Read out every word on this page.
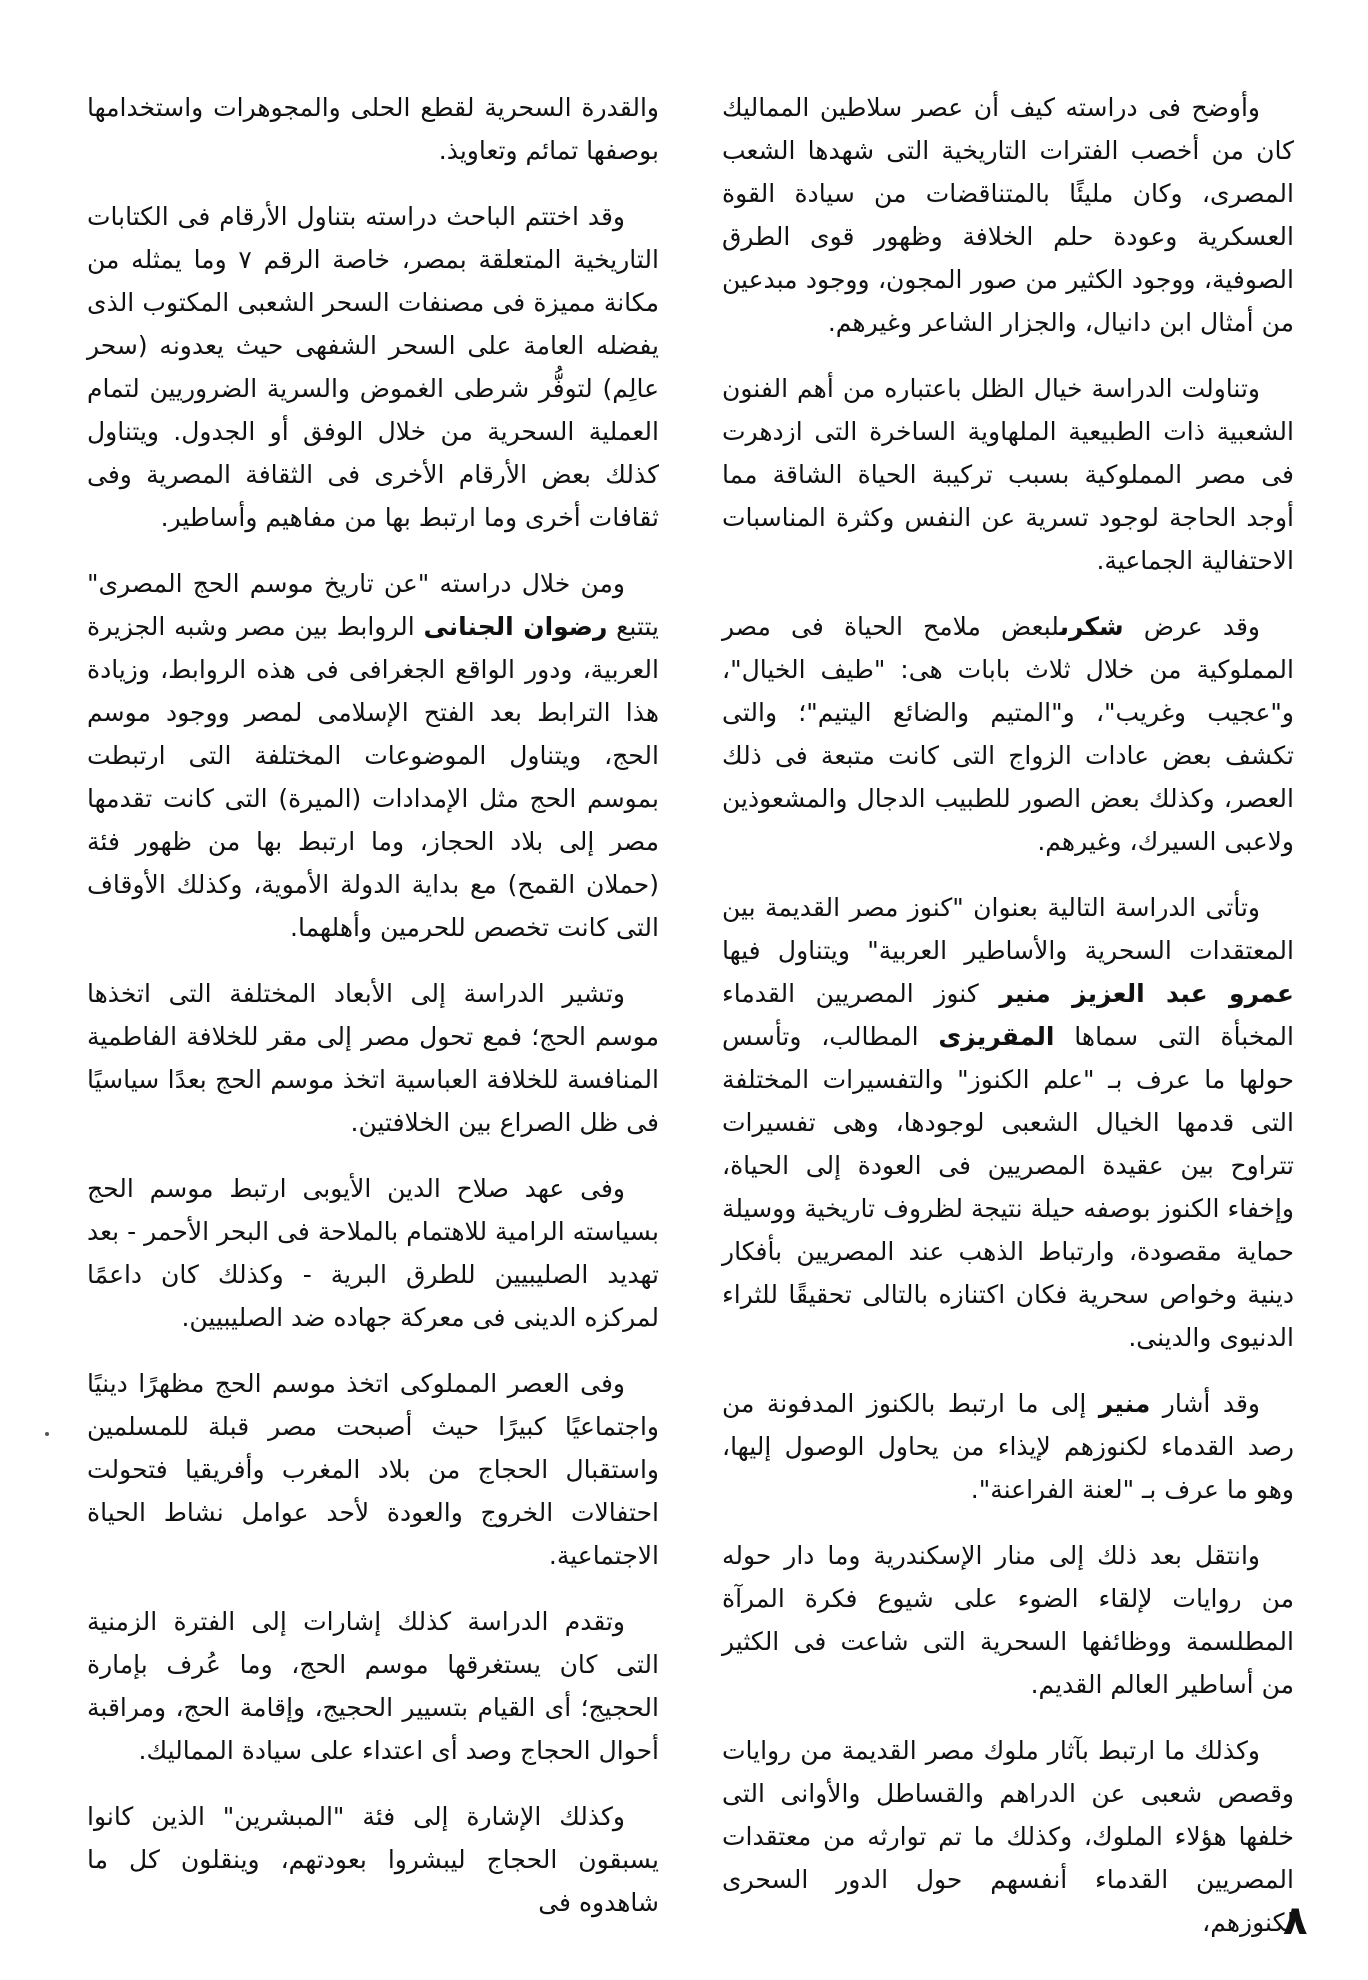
وأوضح فى دراسته كيف أن عصر سلاطين المماليك كان من أخصب الفترات التاريخية التى شهدها الشعب المصرى، وكان مليئًا بالمتناقضات من سيادة القوة العسكرية وعودة حلم الخلافة وظهور قوى الطرق الصوفية، ووجود الكثير من صور المجون، ووجود مبدعين من أمثال ابن دانيال، والجزار الشاعر وغيرهم.

وتناولت الدراسة خيال الظل باعتباره من أهم الفنون الشعبية ذات الطبيعية الملهاوية الساخرة التى ازدهرت فى مصر المملوكية بسبب تركيبة الحياة الشاقة مما أوجد الحاجة لوجود تسرية عن النفس وكثرة المناسبات الاحتفالية الجماعية.

وقد عرض شكرىلبعض ملامح الحياة فى مصر المملوكية من خلال ثلاث بابات هى: "طيف الخيال"، و"عجيب وغريب"، و"المتيم والضائع اليتيم"؛ والتى تكشف بعض عادات الزواج التى كانت متبعة فى ذلك العصر، وكذلك بعض الصور للطبيب الدجال والمشعوذين ولاعبى السيرك، وغيرهم.

وتأتى الدراسة التالية بعنوان "كنوز مصر القديمة بين المعتقدات السحرية والأساطير العربية" ويتناول فيها عمرو عبد العزيز منير كنوز المصريين القدماء المخبأة التى سماها المقريزى المطالب، وتأسس حولها ما عرف بـ "علم الكنوز" والتفسيرات المختلفة التى قدمها الخيال الشعبى لوجودها، وهى تفسيرات تتراوح بين عقيدة المصريين فى العودة إلى الحياة، وإخفاء الكنوز بوصفه حيلة نتيجة لظروف تاريخية ووسيلة حماية مقصودة، وارتباط الذهب عند المصريين بأفكار دينية وخواص سحرية فكان اكتنازه بالتالى تحقيقًا للثراء الدنيوى والدينى.

وقد أشار منير إلى ما ارتبط بالكنوز المدفونة من رصد القدماء لكنوزهم لإيذاء من يحاول الوصول إليها، وهو ما عرف بـ "لعنة الفراعنة".

وانتقل بعد ذلك إلى منار الإسكندرية وما دار حوله من روايات لإلقاء الضوء على شيوع فكرة المرآة المطلسمة ووظائفها السحرية التى شاعت فى الكثير من أساطير العالم القديم.

وكذلك ما ارتبط بآثار ملوك مصر القديمة من روايات وقصص شعبى عن الدراهم والقساطل والأوانى التى خلفها هؤلاء الملوك، وكذلك ما تم توارثه من معتقدات المصريين القدماء أنفسهم حول الدور السحرى لكنوزهم،

والقدرة السحرية لقطع الحلى والمجوهرات واستخدامها بوصفها تمائم وتعاويذ.

وقد اختتم الباحث دراسته بتناول الأرقام فى الكتابات التاريخية المتعلقة بمصر، خاصة الرقم ٧ وما يمثله من مكانة مميزة فى مصنفات السحر الشعبى المكتوب الذى يفضله العامة على السحر الشفهى حيث يعدونه (سحر عالِم) لتوفُّر شرطى الغموض والسرية الضروريين لتمام العملية السحرية من خلال الوفق أو الجدول. ويتناول كذلك بعض الأرقام الأخرى فى الثقافة المصرية وفى ثقافات أخرى وما ارتبط بها من مفاهيم وأساطير.

ومن خلال دراسته "عن تاريخ موسم الحج المصرى" يتتبع رضوان الجنانى الروابط بين مصر وشبه الجزيرة العربية، ودور الواقع الجغرافى فى هذه الروابط، وزيادة هذا الترابط بعد الفتح الإسلامى لمصر ووجود موسم الحج، ويتناول الموضوعات المختلفة التى ارتبطت بموسم الحج مثل الإمدادات (الميرة) التى كانت تقدمها مصر إلى بلاد الحجاز، وما ارتبط بها من ظهور فئة (حملان القمح) مع بداية الدولة الأموية، وكذلك الأوقاف التى كانت تخصص للحرمين وأهلهما.

وتشير الدراسة إلى الأبعاد المختلفة التى اتخذها موسم الحج؛ فمع تحول مصر إلى مقر للخلافة الفاطمية المنافسة للخلافة العباسية اتخذ موسم الحج بعدًا سياسيًا فى ظل الصراع بين الخلافتين.

وفى عهد صلاح الدين الأيوبى ارتبط موسم الحج بسياسته الرامية للاهتمام بالملاحة فى البحر الأحمر - بعد تهديد الصليبيين للطرق البرية - وكذلك كان داعمًا لمركزه الدينى فى معركة جهاده ضد الصليبيين.

وفى العصر المملوكى اتخذ موسم الحج مظهرًا دينيًا واجتماعيًا كبيرًا حيث أصبحت مصر قبلة للمسلمين واستقبال الحجاج من بلاد المغرب وأفريقيا فتحولت احتفالات الخروج والعودة لأحد عوامل نشاط الحياة الاجتماعية.

وتقدم الدراسة كذلك إشارات إلى الفترة الزمنية التى كان يستغرقها موسم الحج، وما عُرف بإمارة الحجيج؛ أى القيام بتسيير الحجيج، وإقامة الحج، ومراقبة أحوال الحجاج وصد أى اعتداء على سيادة المماليك.

وكذلك الإشارة إلى فئة "المبشرين" الذين كانوا يسبقون الحجاج ليبشروا بعودتهم، وينقلون كل ما شاهدوه فى	٨
